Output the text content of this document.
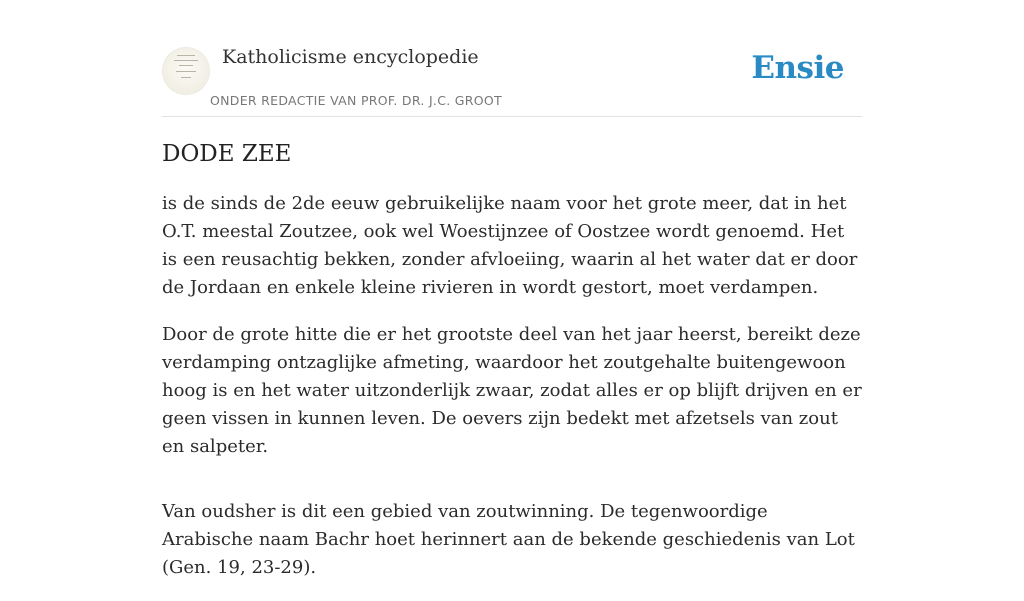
Katholicisme encyclopedie
ONDER REDACTIE VAN PROF. DR. J.C. GROOT
Ensie
DODE ZEE

is de sinds de 2de eeuw gebruikelijke naam voor het grote meer, dat in het O.T. meestal Zoutzee, ook wel Woestijnzee of Oostzee wordt genoemd. Het is een reusachtig bekken, zonder afvloeiing, waarin al het water dat er door de Jordaan en enkele kleine rivieren in wordt gestort, moet verdampen.

Door de grote hitte die er het grootste deel van het jaar heerst, bereikt deze verdamping ontzaglijke afmeting, waardoor het zoutgehalte buitengewoon hoog is en het water uitzonderlijk zwaar, zodat alles er op blijft drijven en er geen vissen in kunnen leven. De oevers zijn bedekt met afzetsels van zout en salpeter.

Van oudsher is dit een gebied van zoutwinning. De tegenwoordige Arabische naam Bachr hoet herinnert aan de bekende geschiedenis van Lot (Gen. 19, 23-29).
